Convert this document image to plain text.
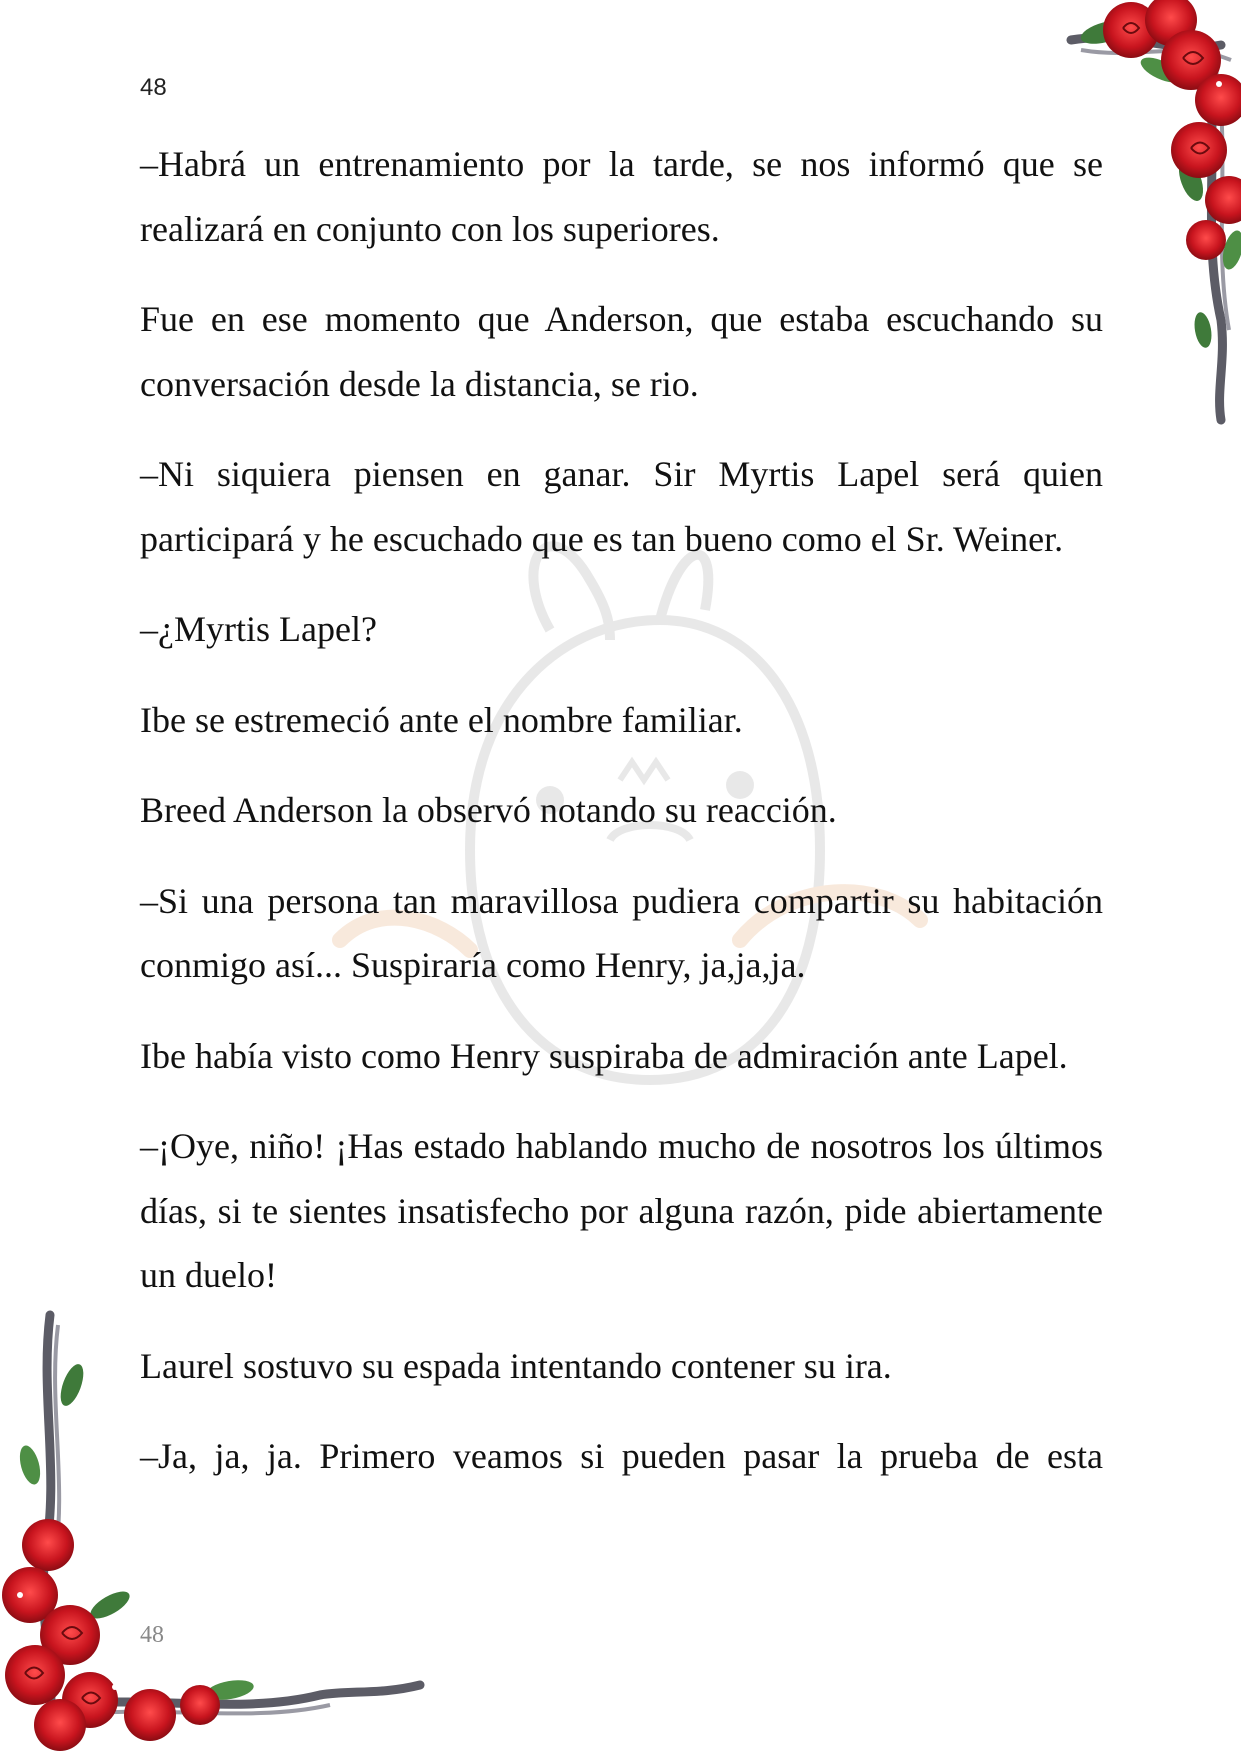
48

–Habrá un entrenamiento por la tarde, se nos informó que se realizará en conjunto con los superiores.

Fue en ese momento que Anderson, que estaba escuchando su conversación desde la distancia, se rio.

–Ni siquiera piensen en ganar. Sir Myrtis Lapel será quien participará y he escuchado que es tan bueno como el Sr. Weiner.

–¿Myrtis Lapel?

Ibe se estremeció ante el nombre familiar.

Breed Anderson la observó notando su reacción.

–Si una persona tan maravillosa pudiera compartir su habitación conmigo así... Suspiraría como Henry, ja,ja,ja.

Ibe había visto como Henry suspiraba de admiración ante Lapel.

–¡Oye, niño! ¡Has estado hablando mucho de nosotros los últimos días, si te sientes insatisfecho por alguna razón, pide abiertamente un duelo!

Laurel sostuvo su espada intentando contener su ira.

–Ja, ja, ja. Primero veamos si pueden pasar la prueba de esta

48
